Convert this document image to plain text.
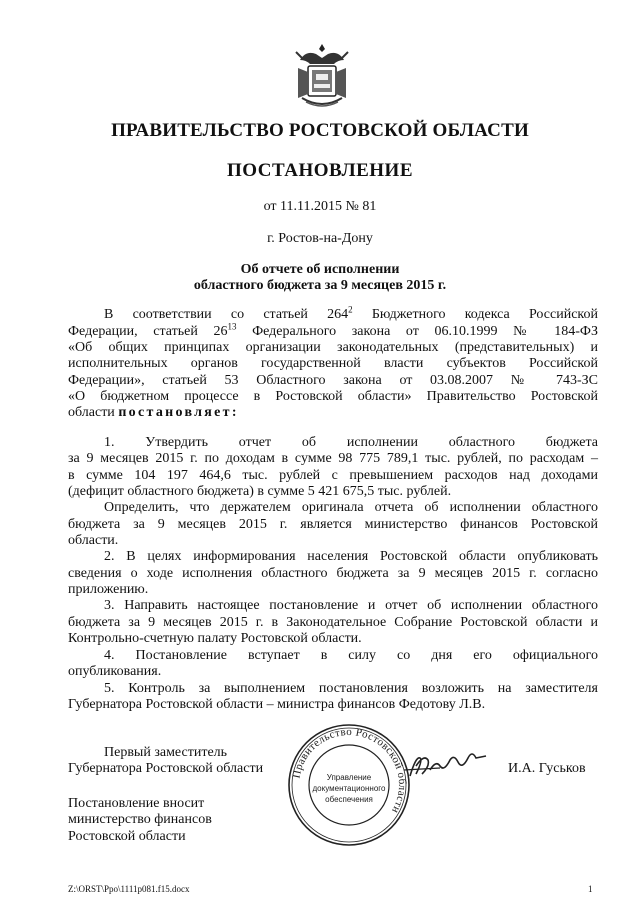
ПРАВИТЕЛЬСТВО РОСТОВСКОЙ ОБЛАСТИ
ПОСТАНОВЛЕНИЕ
от 11.11.2015 № 81
г. Ростов-на-Дону
Об отчете об исполнении
областного бюджета за 9 месяцев 2015 г.
В соответствии со статьей $264^2$ Бюджетного кодекса Российской
Федерации, статьей $26^{13}$ Федерального закона от 06.10.1999 № 184-ФЗ
«Об общих принципах организации законодательных (представительных) и
исполнительных органов государственной власти субъектов Российской
Федерации», статьей 53 Областного закона от 03.08.2007 № 743-ЗС
«О бюджетном процессе в Ростовской области» Правительство Ростовской
области постановляет:
1. Утвердить отчет об исполнении областного бюджета
за 9 месяцев 2015 г. по доходам в сумме 98 775 789,1 тыс. рублей, по расходам –
в сумме 104 197 464,6 тыс. рублей с превышением расходов над доходами
(дефицит областного бюджета) в сумме 5 421 675,5 тыс. рублей.
Определить, что держателем оригинала отчета об исполнении областного
бюджета за 9 месяцев 2015 г. является министерство финансов Ростовской
области.
2. В целях информирования населения Ростовской области опубликовать
сведения о ходе исполнения областного бюджета за 9 месяцев 2015 г. согласно
приложению.
3. Направить настоящее постановление и отчет об исполнении областного
бюджета за 9 месяцев 2015 г. в Законодательное Собрание Ростовской области и
Контрольно-счетную палату Ростовской области.
4. Постановление вступает в силу со дня его официального
опубликования.
5. Контроль за выполнением постановления возложить на заместителя
Губернатора Ростовской области – министра финансов Федотову Л.В.
Первый заместитель
Губернатора Ростовской области	И.А. Гуськов
Правительство Ростовской области
Управление
документационного
обеспечения
Постановление вносит
министерство финансов
Ростовской области
Z:\ORST\Ppo\1111p081.f15.docx	1
